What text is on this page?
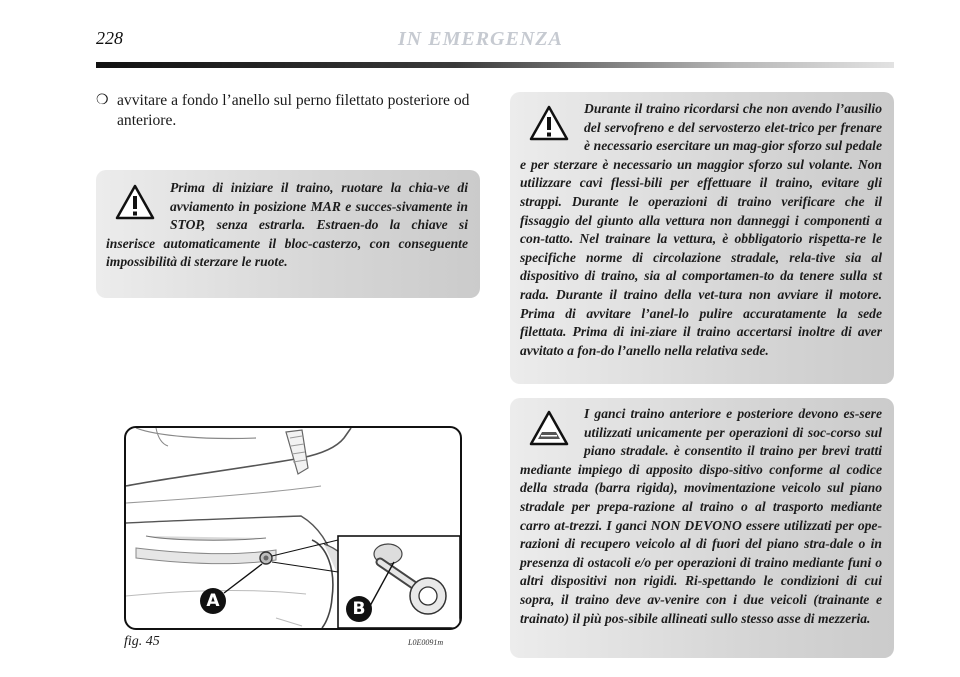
228	IN EMERGENZA
❍ avvitare a fondo l’anello sul perno filettato posteriore od anteriore.

Prima di iniziare il traino, ruotare la chia-ve di avviamento in posizione MAR e succes-sivamente in STOP, senza estrarla. Estraen-do la chiave si inserisce automaticamente il bloc-casterzo, con conseguente impossibilità di sterzare le ruote.

Durante il traino ricordarsi che non avendo l’ausilio del servofreno e del servosterzo elet-trico per frenare è necessario esercitare un mag-gior sforzo sul pedale e per sterzare è necessario un maggior sforzo sul volante. Non utilizzare cavi flessi-bili per effettuare il traino, evitare gli strappi. Durante le operazioni di traino verificare che il fissaggio del giunto alla vettura non danneggi i componenti a con-tatto. Nel trainare la vettura, è obbligatorio rispetta-re le specifiche norme di circolazione stradale, rela-tive sia al dispositivo di traino, sia al comportamen-to da tenere sulla st rada. Durante il traino della vet-tura non avviare il motore. Prima di avvitare l’anel-lo pulire accuratamente la sede filettata. Prima di ini-ziare il traino accertarsi inoltre di aver avvitato a fon-do l’anello nella relativa sede.

I ganci traino anteriore e posteriore devono es-sere utilizzati unicamente per operazioni di soc-corso sul piano stradale. è consentito il traino per brevi tratti mediante impiego di apposito dispo-sitivo conforme al codice della strada (barra rigida), movimentazione veicolo sul piano stradale per prepa-razione al traino o al trasporto mediante carro at-trezzi. I ganci NON DEVONO essere utilizzati per ope-razioni di recupero veicolo al di fuori del piano stra-dale o in presenza di ostacoli e/o per operazioni di traino mediante funi o altri dispositivi non rigidi. Ri-spettando le condizioni di cui sopra, il traino deve av-venire con i due veicoli (trainante e trainato) il più pos-sibile allineati sullo stesso asse di mezzeria.

A	B
fig. 45	L0E0091m
